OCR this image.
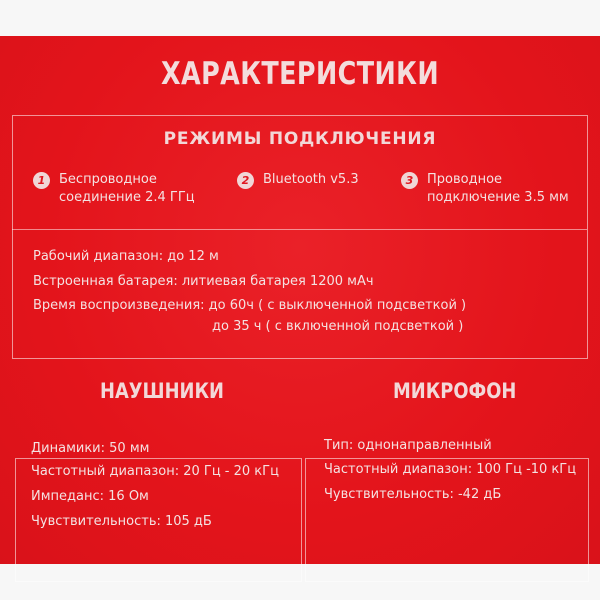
ХАРАКТЕРИСТИКИ
РЕЖИМЫ ПОДКЛЮЧЕНИЯ
1	Беспроводное
соединение 2.4 ГГц
2	Bluetooth v5.3	3	Проводное
подключение 3.5 мм
Рабочий диапазон: до 12 м
Встроенная батарея: литиевая батарея 1200 мАч
Время воспроизведения: до 60ч ( с выключенной подсветкой )
до 35 ч ( с включенной подсветкой )
НАУШНИКИ	МИКРОФОН
Динамики: 50 мм
Частотный диапазон: 20 Гц - 20 кГц
Импеданс: 16 Ом
Чувствительность: 105 дБ
Тип: однонаправленный
Частотный диапазон: 100 Гц -10 кГц
Чувствительность: -42 дБ
